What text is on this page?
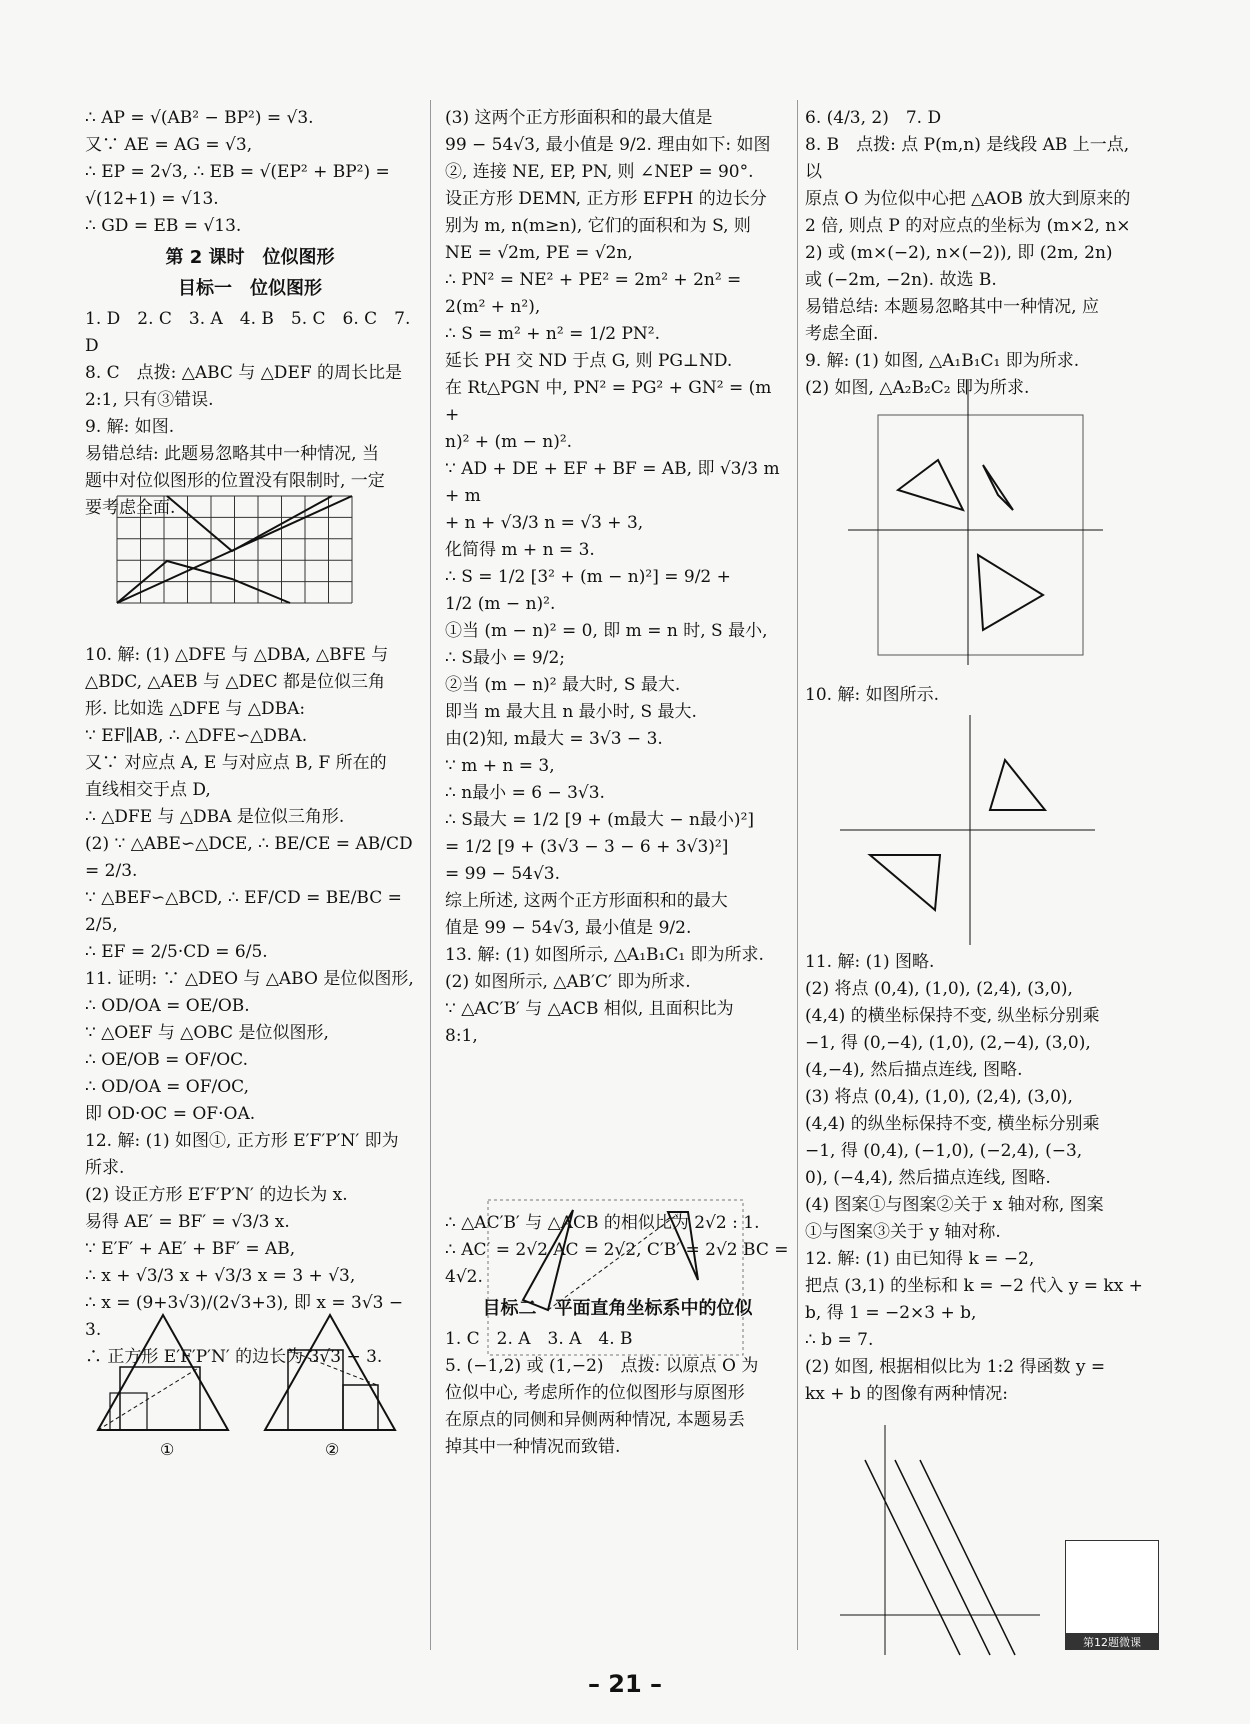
∴ AP = √(AB² − BP²) = √3.

又∵ AE = AG = √3,

∴ EP = 2√3, ∴ EB = √(EP² + BP²) =

√(12+1) = √13.

∴ GD = EB = √13.

第 2 课时　位似图形

目标一　位似图形

1. D　2. C　3. A　4. B　5. C　6. C　7. D

8. C　点拨: △ABC 与 △DEF 的周长比是

2:1, 只有③错误.

9. 解: 如图.

易错总结: 此题易忽略其中一种情况, 当

题中对位似图形的位置没有限制时, 一定

要考虑全面.

10. 解: (1) △DFE 与 △DBA, △BFE 与

△BDC, △AEB 与 △DEC 都是位似三角

形. 比如选 △DFE 与 △DBA:

∵ EF∥AB, ∴ △DFE∽△DBA.

又∵ 对应点 A, E 与对应点 B, F 所在的

直线相交于点 D,

∴ △DFE 与 △DBA 是位似三角形.

(2) ∵ △ABE∽△DCE, ∴ BE/CE = AB/CD = 2/3.

∵ △BEF∽△BCD, ∴ EF/CD = BE/BC = 2/5,

∴ EF = 2/5·CD = 6/5.

11. 证明: ∵ △DEO 与 △ABO 是位似图形,

∴ OD/OA = OE/OB.

∵ △OEF 与 △OBC 是位似图形,

∴ OE/OB = OF/OC.

∴ OD/OA = OF/OC,

即 OD·OC = OF·OA.

12. 解: (1) 如图①, 正方形 E′F′P′N′ 即为

所求.

(2) 设正方形 E′F′P′N′ 的边长为 x.

易得 AE′ = BF′ = √3/3 x.

∵ E′F′ + AE′ + BF′ = AB,

∴ x + √3/3 x + √3/3 x = 3 + √3,

∴ x = (9+3√3)/(2√3+3), 即 x = 3√3 − 3.

∴ 正方形 E′F′P′N′ 的边长为 3√3 − 3.

(3) 这两个正方形面积和的最大值是

99 − 54√3, 最小值是 9/2. 理由如下: 如图

②, 连接 NE, EP, PN, 则 ∠NEP = 90°.

设正方形 DEMN, 正方形 EFPH 的边长分

别为 m, n(m≥n), 它们的面积和为 S, 则

NE = √2m, PE = √2n,

∴ PN² = NE² + PE² = 2m² + 2n² =

2(m² + n²),

∴ S = m² + n² = 1/2 PN².

延长 PH 交 ND 于点 G, 则 PG⊥ND.

在 Rt△PGN 中, PN² = PG² + GN² = (m +

n)² + (m − n)².

∵ AD + DE + EF + BF = AB, 即 √3/3 m + m

+ n + √3/3 n = √3 + 3,

化简得 m + n = 3.

∴ S = 1/2 [3² + (m − n)²] = 9/2 +

1/2 (m − n)².

①当 (m − n)² = 0, 即 m = n 时, S 最小,

∴ S最小 = 9/2;

②当 (m − n)² 最大时, S 最大.

即当 m 最大且 n 最小时, S 最大.

由(2)知, m最大 = 3√3 − 3.

∵ m + n = 3,

∴ n最小 = 6 − 3√3.

∴ S最大 = 1/2 [9 + (m最大 − n最小)²]

= 1/2 [9 + (3√3 − 3 − 6 + 3√3)²]

= 99 − 54√3.

综上所述, 这两个正方形面积和的最大

值是 99 − 54√3, 最小值是 9/2.

13. 解: (1) 如图所示, △A₁B₁C₁ 即为所求.

(2) 如图所示, △AB′C′ 即为所求.

∵ △AC′B′ 与 △ACB 相似, 且面积比为

8:1,

∴ △AC′B′ 与 △ACB 的相似比为 2√2 : 1.

∴ AC′ = 2√2 AC = 2√2, C′B′ = 2√2 BC =

4√2.

目标二　平面直角坐标系中的位似

1. C　2. A　3. A　4. B

5. (−1,2) 或 (1,−2)　点拨: 以原点 O 为

位似中心, 考虑所作的位似图形与原图形

在原点的同侧和异侧两种情况, 本题易丢

掉其中一种情况而致错.

6. (4/3, 2)　7. D

8. B　点拨: 点 P(m,n) 是线段 AB 上一点, 以

原点 O 为位似中心把 △AOB 放大到原来的

2 倍, 则点 P 的对应点的坐标为 (m×2, n×

2) 或 (m×(−2), n×(−2)), 即 (2m, 2n)

或 (−2m, −2n). 故选 B.

易错总结: 本题易忽略其中一种情况, 应

考虑全面.

9. 解: (1) 如图, △A₁B₁C₁ 即为所求.

(2) 如图, △A₂B₂C₂ 即为所求.

10. 解: 如图所示.

11. 解: (1) 图略.

(2) 将点 (0,4), (1,0), (2,4), (3,0),

(4,4) 的横坐标保持不变, 纵坐标分别乘

−1, 得 (0,−4), (1,0), (2,−4), (3,0),

(4,−4), 然后描点连线, 图略.

(3) 将点 (0,4), (1,0), (2,4), (3,0),

(4,4) 的纵坐标保持不变, 横坐标分别乘

−1, 得 (0,4), (−1,0), (−2,4), (−3,

0), (−4,4), 然后描点连线, 图略.

(4) 图案①与图案②关于 x 轴对称, 图案

①与图案③关于 y 轴对称.

12. 解: (1) 由已知得 k = −2,

把点 (3,1) 的坐标和 k = −2 代入 y = kx +

b, 得 1 = −2×3 + b,

∴ b = 7.

(2) 如图, 根据相似比为 1:2 得函数 y =

kx + b 的图像有两种情况:

①	②
第12题微课
– 21 –
